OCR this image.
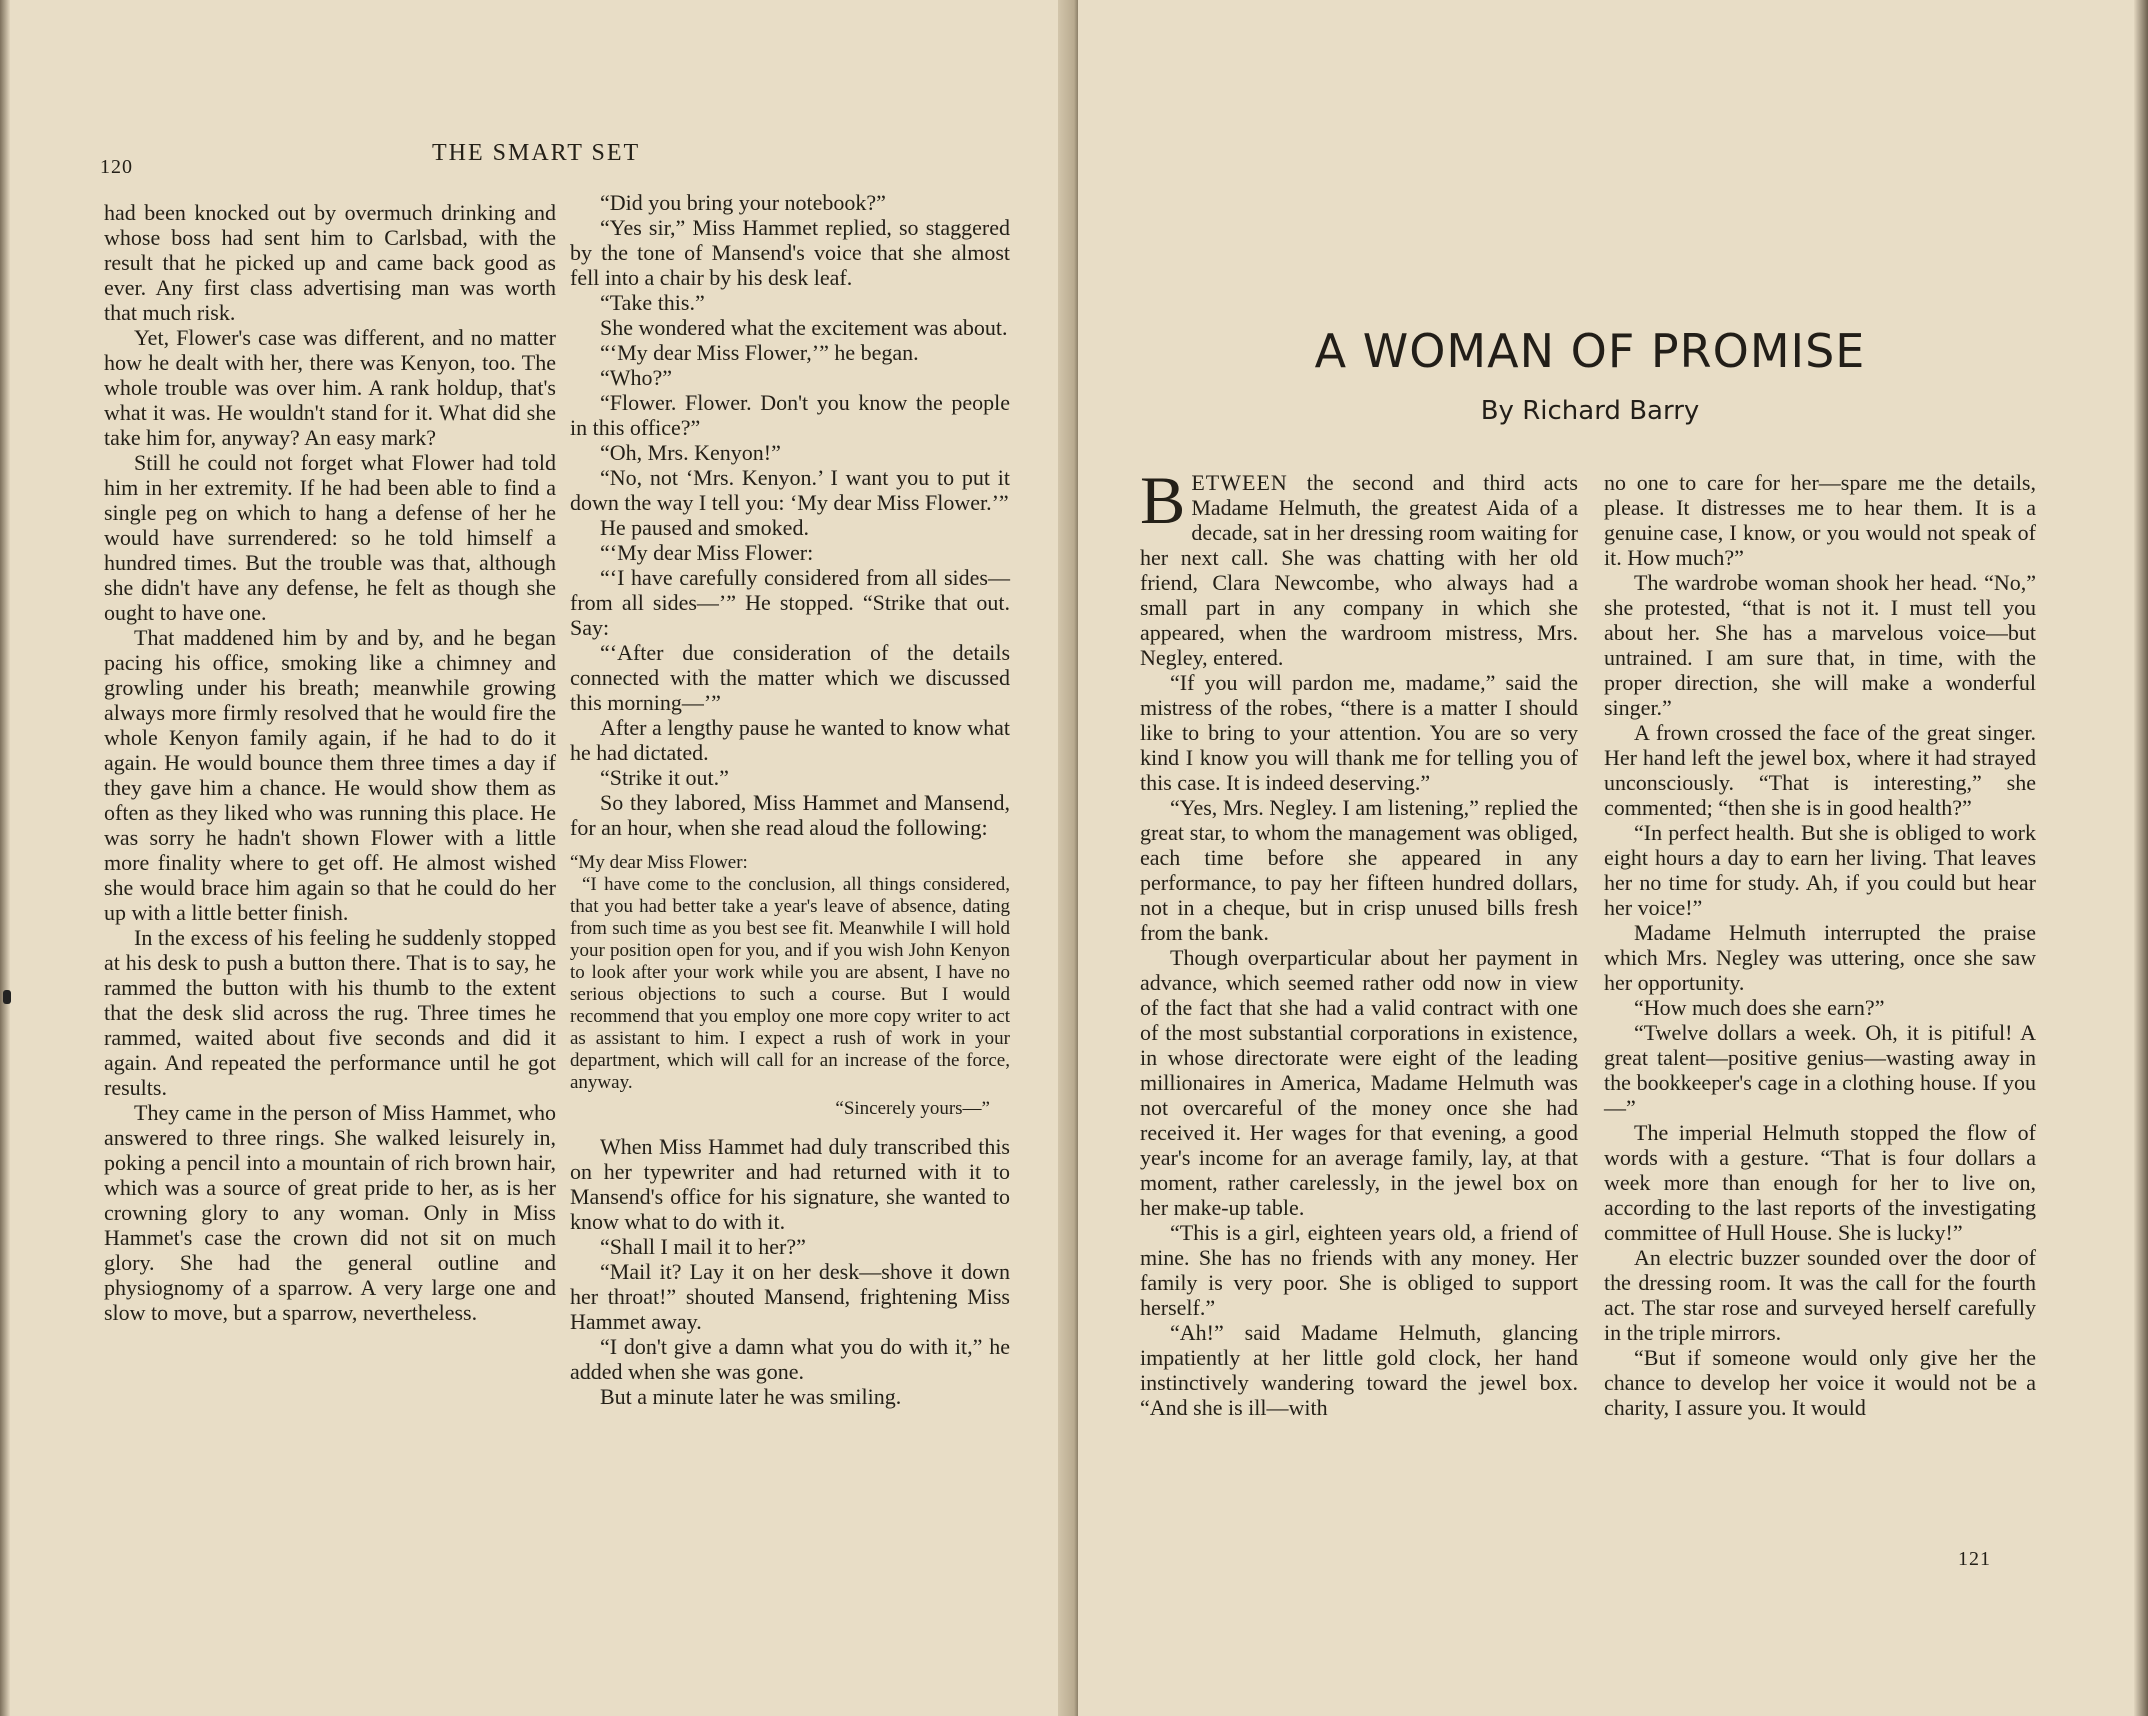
120
THE SMART SET

had been knocked out by overmuch drinking and whose boss had sent him to Carlsbad, with the result that he picked up and came back good as ever. Any first class advertising man was worth that much risk.

Yet, Flower's case was different, and no matter how he dealt with her, there was Kenyon, too. The whole trouble was over him. A rank holdup, that's what it was. He wouldn't stand for it. What did she take him for, anyway? An easy mark?

Still he could not forget what Flower had told him in her extremity. If he had been able to find a single peg on which to hang a defense of her he would have surrendered: so he told himself a hundred times. But the trouble was that, although she didn't have any defense, he felt as though she ought to have one.

That maddened him by and by, and he began pacing his office, smoking like a chimney and growling under his breath; meanwhile growing always more firmly resolved that he would fire the whole Kenyon family again, if he had to do it again. He would bounce them three times a day if they gave him a chance. He would show them as often as they liked who was running this place. He was sorry he hadn't shown Flower with a little more finality where to get off. He almost wished she would brace him again so that he could do her up with a little better finish.

In the excess of his feeling he suddenly stopped at his desk to push a button there. That is to say, he rammed the button with his thumb to the extent that the desk slid across the rug. Three times he rammed, waited about five seconds and did it again. And repeated the performance until he got results.

They came in the person of Miss Hammet, who answered to three rings. She walked leisurely in, poking a pencil into a mountain of rich brown hair, which was a source of great pride to her, as is her crowning glory to any woman. Only in Miss Hammet's case the crown did not sit on much glory. She had the general outline and physiognomy of a sparrow. A very large one and slow to move, but a sparrow, nevertheless.

“Did you bring your notebook?”

“Yes sir,” Miss Hammet replied, so staggered by the tone of Mansend's voice that she almost fell into a chair by his desk leaf.

“Take this.”

She wondered what the excitement was about.

“‘My dear Miss Flower,’” he began.

“Who?”

“Flower. Flower. Don't you know the people in this office?”

“Oh, Mrs. Kenyon!”

“No, not ‘Mrs. Kenyon.’ I want you to put it down the way I tell you: ‘My dear Miss Flower.’”

He paused and smoked.

“‘My dear Miss Flower:

“‘I have carefully considered from all sides—from all sides—’” He stopped. “Strike that out. Say:

“‘After due consideration of the details connected with the matter which we discussed this morning—’”

After a lengthy pause he wanted to know what he had dictated.

“Strike it out.”

So they labored, Miss Hammet and Mansend, for an hour, when she read aloud the following:

“My dear Miss Flower:

“I have come to the conclusion, all things considered, that you had better take a year's leave of absence, dating from such time as you best see fit. Meanwhile I will hold your position open for you, and if you wish John Kenyon to look after your work while you are absent, I have no serious objections to such a course. But I would recommend that you employ one more copy writer to act as assistant to him. I expect a rush of work in your department, which will call for an increase of the force, anyway.

“Sincerely yours—”

When Miss Hammet had duly transcribed this on her typewriter and had returned with it to Mansend's office for his signature, she wanted to know what to do with it.

“Shall I mail it to her?”

“Mail it? Lay it on her desk—shove it down her throat!” shouted Mansend, frightening Miss Hammet away.

“I don't give a damn what you do with it,” he added when she was gone.

But a minute later he was smiling.

A WOMAN OF PROMISE
By Richard Barry

BETWEEN the second and third acts Madame Helmuth, the greatest Aida of a decade, sat in her dressing room waiting for her next call. She was chatting with her old friend, Clara Newcombe, who always had a small part in any company in which she appeared, when the wardroom mistress, Mrs. Negley, entered.

“If you will pardon me, madame,” said the mistress of the robes, “there is a matter I should like to bring to your attention. You are so very kind I know you will thank me for telling you of this case. It is indeed deserving.”

“Yes, Mrs. Negley. I am listening,” replied the great star, to whom the management was obliged, each time before she appeared in any performance, to pay her fifteen hundred dollars, not in a cheque, but in crisp unused bills fresh from the bank.

Though overparticular about her payment in advance, which seemed rather odd now in view of the fact that she had a valid contract with one of the most substantial corporations in existence, in whose directorate were eight of the leading millionaires in America, Madame Helmuth was not overcareful of the money once she had received it. Her wages for that evening, a good year's income for an average family, lay, at that moment, rather carelessly, in the jewel box on her make-up table.

“This is a girl, eighteen years old, a friend of mine. She has no friends with any money. Her family is very poor. She is obliged to support herself.”

“Ah!” said Madame Helmuth, glancing impatiently at her little gold clock, her hand instinctively wandering toward the jewel box. “And she is ill—with

no one to care for her—spare me the details, please. It distresses me to hear them. It is a genuine case, I know, or you would not speak of it. How much?”

The wardrobe woman shook her head. “No,” she protested, “that is not it. I must tell you about her. She has a marvelous voice—but untrained. I am sure that, in time, with the proper direction, she will make a wonderful singer.”

A frown crossed the face of the great singer. Her hand left the jewel box, where it had strayed unconsciously. “That is interesting,” she commented; “then she is in good health?”

“In perfect health. But she is obliged to work eight hours a day to earn her living. That leaves her no time for study. Ah, if you could but hear her voice!”

Madame Helmuth interrupted the praise which Mrs. Negley was uttering, once she saw her opportunity.

“How much does she earn?”

“Twelve dollars a week. Oh, it is pitiful! A great talent—positive genius—wasting away in the bookkeeper's cage in a clothing house. If you—”

The imperial Helmuth stopped the flow of words with a gesture. “That is four dollars a week more than enough for her to live on, according to the last reports of the investigating committee of Hull House. She is lucky!”

An electric buzzer sounded over the door of the dressing room. It was the call for the fourth act. The star rose and surveyed herself carefully in the triple mirrors.

“But if someone would only give her the chance to develop her voice it would not be a charity, I assure you. It would

121
